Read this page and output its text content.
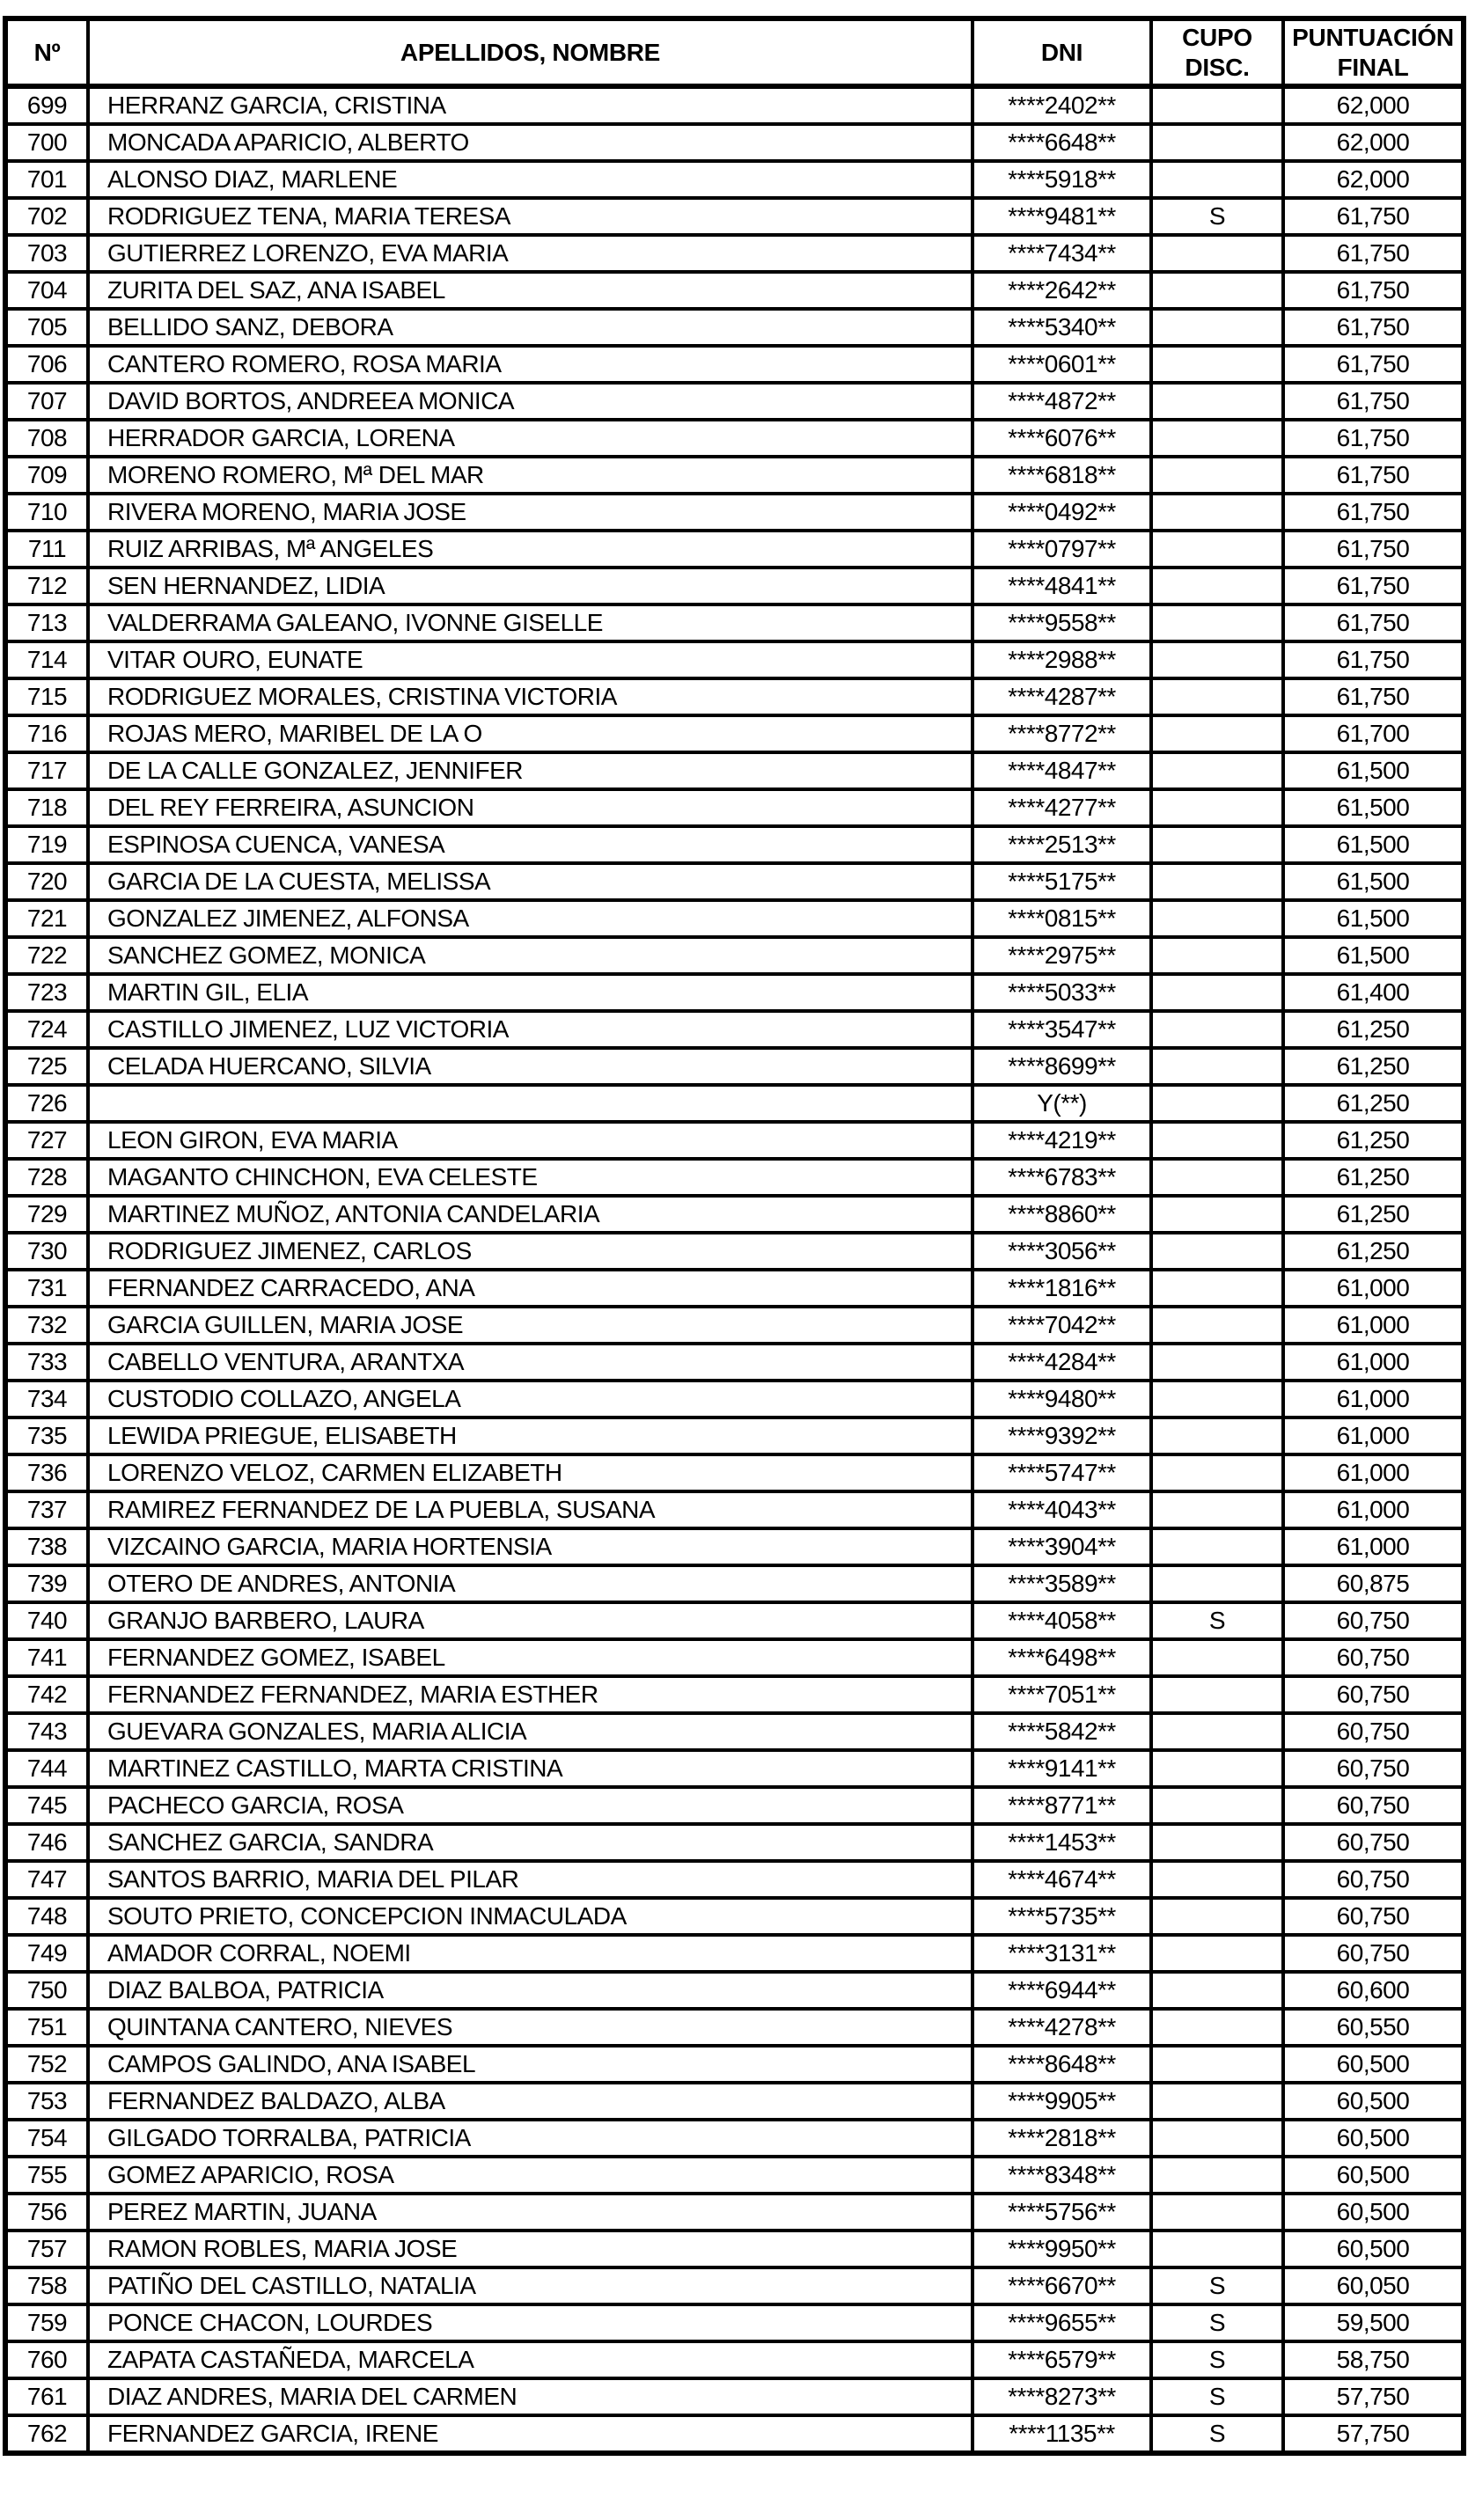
Nº	APELLIDOS, NOMBRE	DNI	CUPO DISC.	PUNTUACIÓN FINAL
699	HERRANZ GARCIA, CRISTINA	****2402**		62,000
700	MONCADA APARICIO, ALBERTO	****6648**		62,000
701	ALONSO DIAZ, MARLENE	****5918**		62,000
702	RODRIGUEZ TENA, MARIA TERESA	****9481**	S	61,750
703	GUTIERREZ LORENZO, EVA MARIA	****7434**		61,750
704	ZURITA DEL SAZ, ANA ISABEL	****2642**		61,750
705	BELLIDO SANZ, DEBORA	****5340**		61,750
706	CANTERO ROMERO, ROSA MARIA	****0601**		61,750
707	DAVID BORTOS, ANDREEA MONICA	****4872**		61,750
708	HERRADOR GARCIA, LORENA	****6076**		61,750
709	MORENO ROMERO, Mª DEL MAR	****6818**		61,750
710	RIVERA MORENO, MARIA JOSE	****0492**		61,750
711	RUIZ ARRIBAS, Mª ANGELES	****0797**		61,750
712	SEN HERNANDEZ, LIDIA	****4841**		61,750
713	VALDERRAMA GALEANO, IVONNE GISELLE	****9558**		61,750
714	VITAR OURO, EUNATE	****2988**		61,750
715	RODRIGUEZ MORALES, CRISTINA VICTORIA	****4287**		61,750
716	ROJAS MERO, MARIBEL DE LA O	****8772**		61,700
717	DE LA CALLE GONZALEZ, JENNIFER	****4847**		61,500
718	DEL REY FERREIRA, ASUNCION	****4277**		61,500
719	ESPINOSA CUENCA, VANESA	****2513**		61,500
720	GARCIA DE LA CUESTA, MELISSA	****5175**		61,500
721	GONZALEZ JIMENEZ, ALFONSA	****0815**		61,500
722	SANCHEZ GOMEZ, MONICA	****2975**		61,500
723	MARTIN GIL, ELIA	****5033**		61,400
724	CASTILLO JIMENEZ, LUZ VICTORIA	****3547**		61,250
725	CELADA HUERCANO, SILVIA	****8699**		61,250
726		Y(**)		61,250
727	LEON GIRON, EVA MARIA	****4219**		61,250
728	MAGANTO CHINCHON, EVA CELESTE	****6783**		61,250
729	MARTINEZ MUÑOZ, ANTONIA CANDELARIA	****8860**		61,250
730	RODRIGUEZ JIMENEZ, CARLOS	****3056**		61,250
731	FERNANDEZ CARRACEDO, ANA	****1816**		61,000
732	GARCIA GUILLEN, MARIA JOSE	****7042**		61,000
733	CABELLO VENTURA, ARANTXA	****4284**		61,000
734	CUSTODIO COLLAZO, ANGELA	****9480**		61,000
735	LEWIDA PRIEGUE, ELISABETH	****9392**		61,000
736	LORENZO VELOZ, CARMEN ELIZABETH	****5747**		61,000
737	RAMIREZ FERNANDEZ DE LA PUEBLA, SUSANA	****4043**		61,000
738	VIZCAINO GARCIA, MARIA HORTENSIA	****3904**		61,000
739	OTERO DE ANDRES, ANTONIA	****3589**		60,875
740	GRANJO BARBERO, LAURA	****4058**	S	60,750
741	FERNANDEZ GOMEZ, ISABEL	****6498**		60,750
742	FERNANDEZ FERNANDEZ, MARIA ESTHER	****7051**		60,750
743	GUEVARA GONZALES, MARIA ALICIA	****5842**		60,750
744	MARTINEZ CASTILLO, MARTA CRISTINA	****9141**		60,750
745	PACHECO GARCIA, ROSA	****8771**		60,750
746	SANCHEZ GARCIA, SANDRA	****1453**		60,750
747	SANTOS BARRIO, MARIA DEL PILAR	****4674**		60,750
748	SOUTO PRIETO, CONCEPCION INMACULADA	****5735**		60,750
749	AMADOR CORRAL, NOEMI	****3131**		60,750
750	DIAZ BALBOA, PATRICIA	****6944**		60,600
751	QUINTANA CANTERO, NIEVES	****4278**		60,550
752	CAMPOS GALINDO, ANA ISABEL	****8648**		60,500
753	FERNANDEZ BALDAZO, ALBA	****9905**		60,500
754	GILGADO TORRALBA, PATRICIA	****2818**		60,500
755	GOMEZ APARICIO, ROSA	****8348**		60,500
756	PEREZ MARTIN, JUANA	****5756**		60,500
757	RAMON ROBLES, MARIA JOSE	****9950**		60,500
758	PATIÑO DEL CASTILLO, NATALIA	****6670**	S	60,050
759	PONCE CHACON, LOURDES	****9655**	S	59,500
760	ZAPATA CASTAÑEDA, MARCELA	****6579**	S	58,750
761	DIAZ ANDRES, MARIA DEL CARMEN	****8273**	S	57,750
762	FERNANDEZ GARCIA, IRENE	****1135**	S	57,750
